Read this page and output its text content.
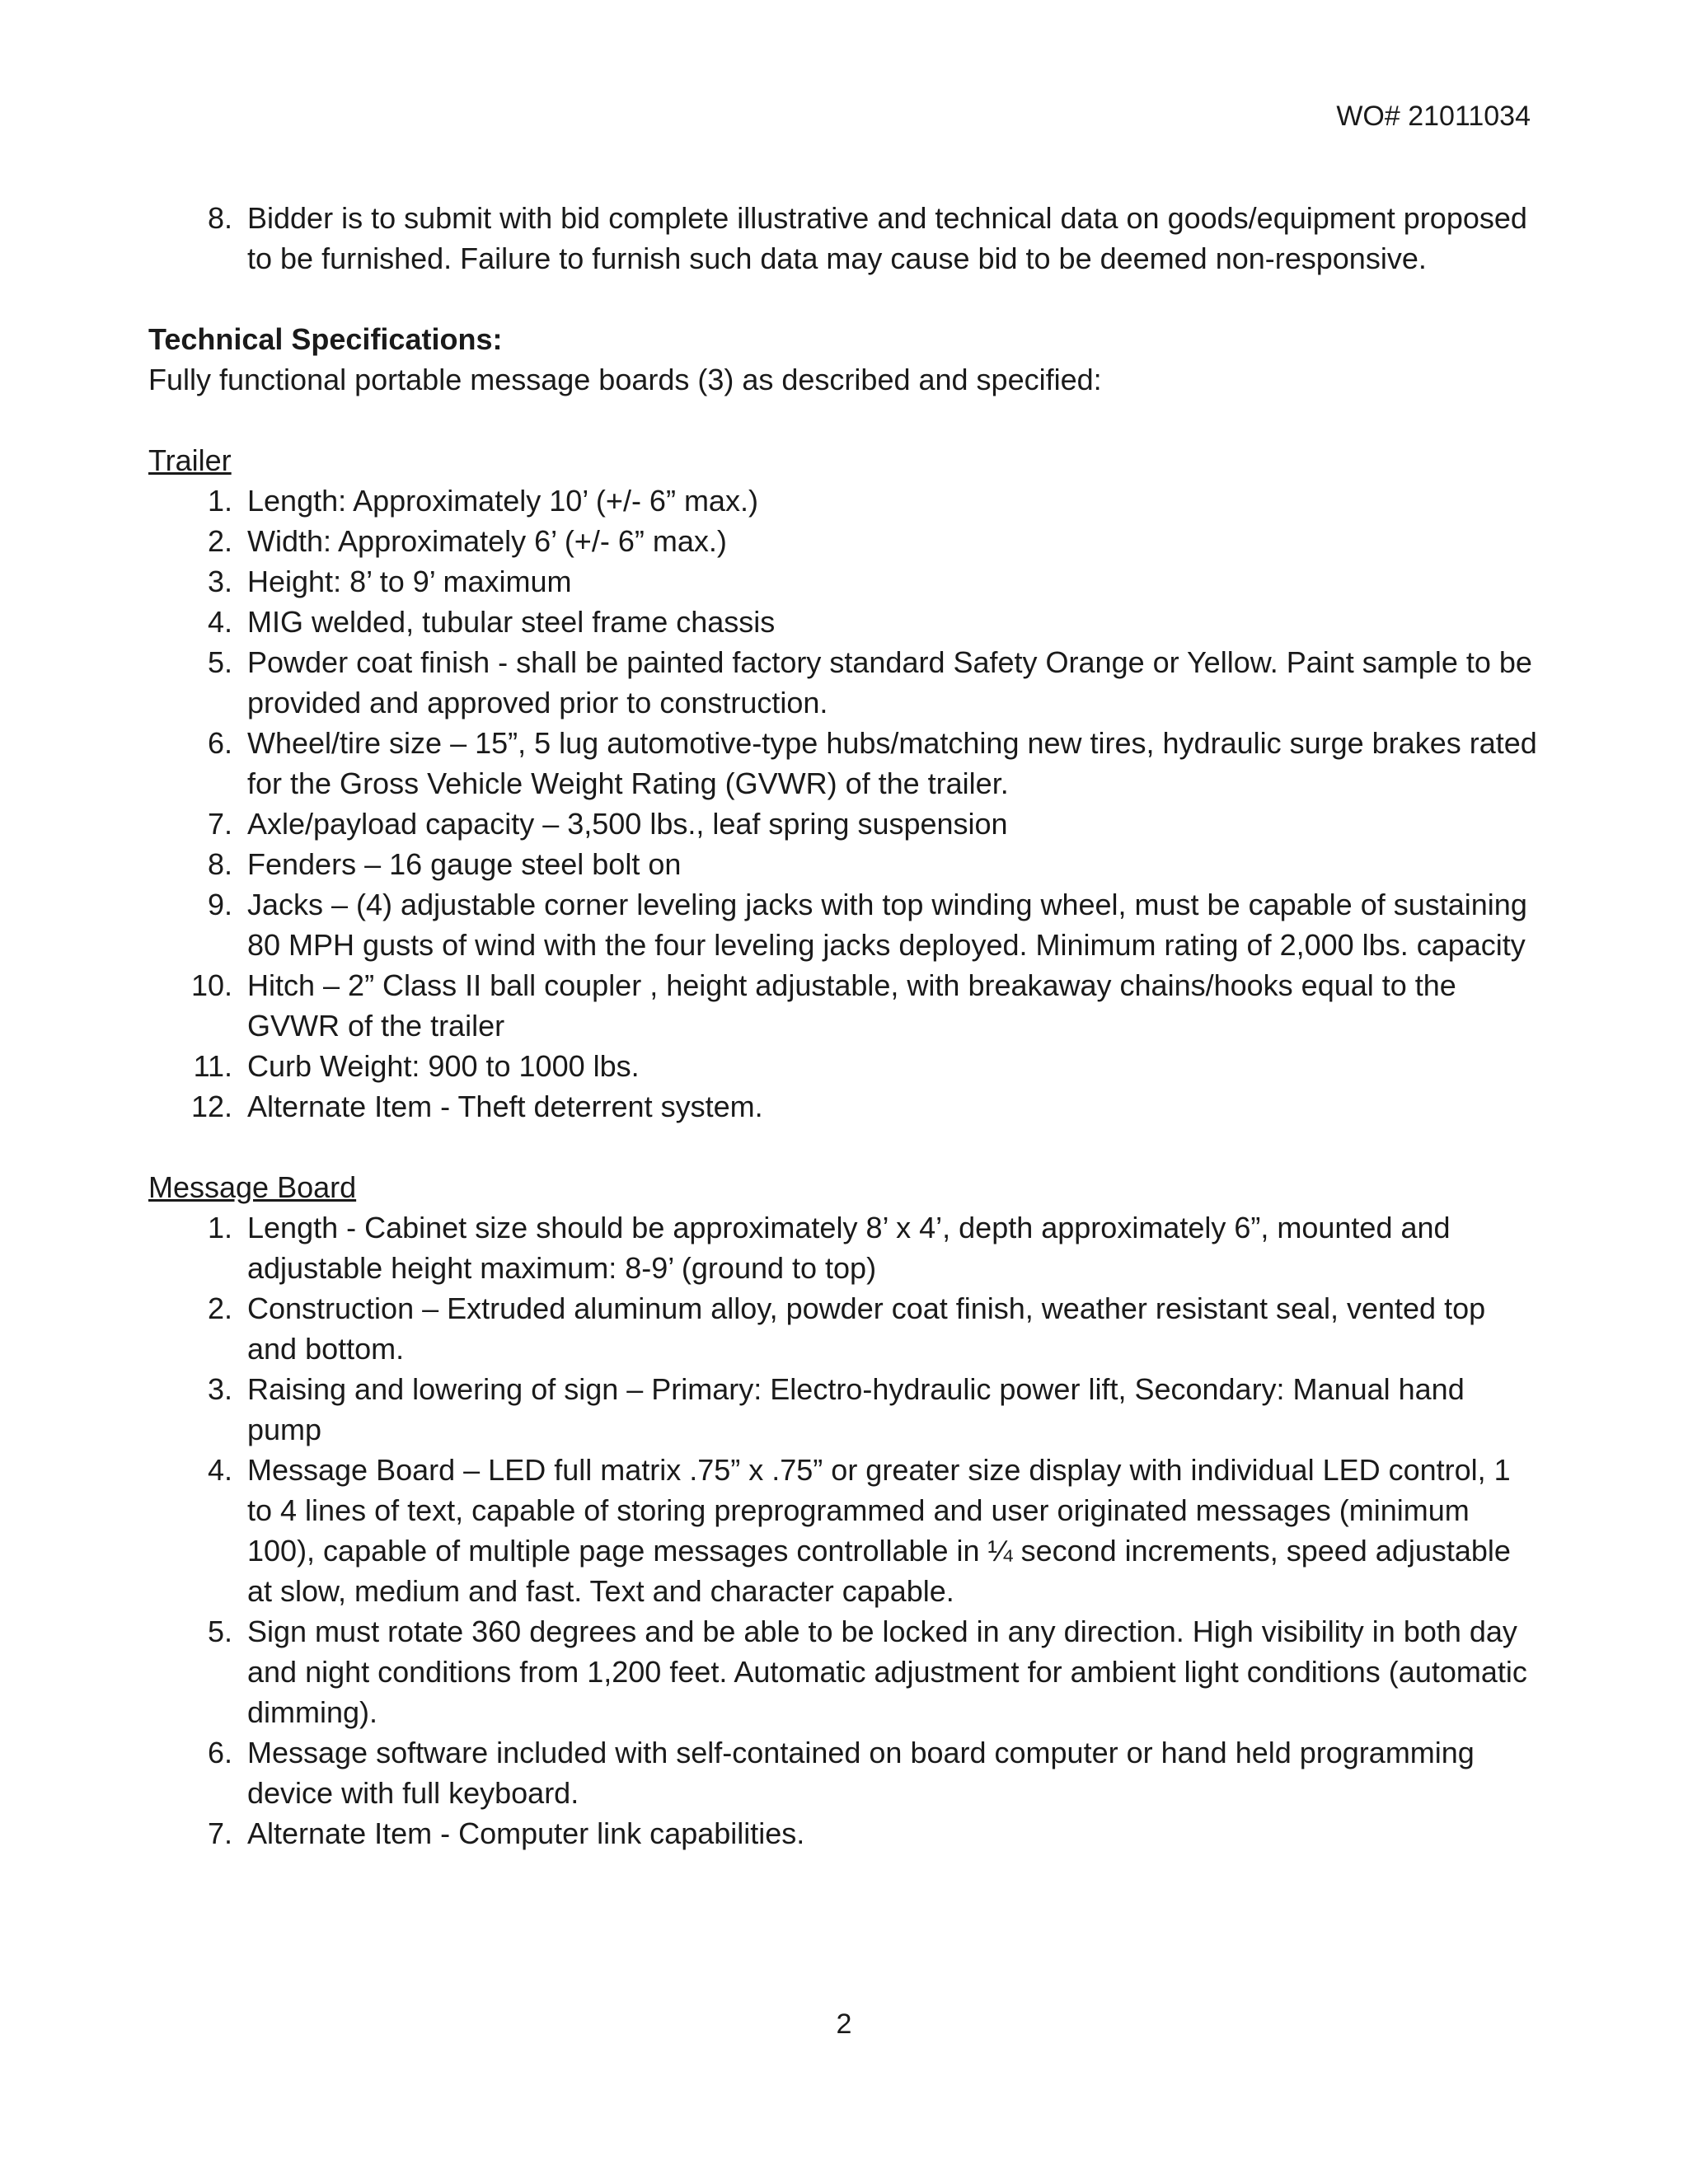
WO# 21011034
8. Bidder is to submit with bid complete illustrative and technical data on goods/equipment proposed to be furnished. Failure to furnish such data may cause bid to be deemed non-responsive.
Technical Specifications:
Fully functional portable message boards (3) as described and specified:
Trailer
1. Length: Approximately 10’ (+/- 6” max.)
2. Width: Approximately 6’ (+/- 6” max.)
3. Height: 8’ to 9’ maximum
4. MIG welded, tubular steel frame chassis
5. Powder coat finish - shall be painted factory standard Safety Orange or Yellow. Paint sample to be provided and approved prior to construction.
6. Wheel/tire size – 15”, 5 lug automotive-type hubs/matching new tires, hydraulic surge brakes rated for the Gross Vehicle Weight Rating (GVWR) of the trailer.
7. Axle/payload capacity – 3,500 lbs., leaf spring suspension
8. Fenders – 16 gauge steel bolt on
9. Jacks – (4) adjustable corner leveling jacks with top winding wheel, must be capable of sustaining 80 MPH gusts of wind with the four leveling jacks deployed. Minimum rating of 2,000 lbs. capacity
10. Hitch – 2” Class II ball coupler , height adjustable, with breakaway chains/hooks equal to the GVWR of the trailer
11. Curb Weight: 900 to 1000 lbs.
12. Alternate Item - Theft deterrent system.
Message Board
1. Length - Cabinet size should be approximately 8’ x 4’, depth approximately 6”, mounted and adjustable height maximum: 8-9’ (ground to top)
2. Construction – Extruded aluminum alloy, powder coat finish, weather resistant seal, vented top and bottom.
3. Raising and lowering of sign – Primary: Electro-hydraulic power lift, Secondary: Manual hand pump
4. Message Board – LED full matrix .75” x .75” or greater size display with individual LED control, 1 to 4 lines of text, capable of storing preprogrammed and user originated messages (minimum 100), capable of multiple page messages controllable in ¼ second increments, speed adjustable at slow, medium and fast. Text and character capable.
5. Sign must rotate 360 degrees and be able to be locked in any direction. High visibility in both day and night conditions from 1,200 feet. Automatic adjustment for ambient light conditions (automatic dimming).
6. Message software included with self-contained on board computer or hand held programming device with full keyboard.
7. Alternate Item - Computer link capabilities.
2
